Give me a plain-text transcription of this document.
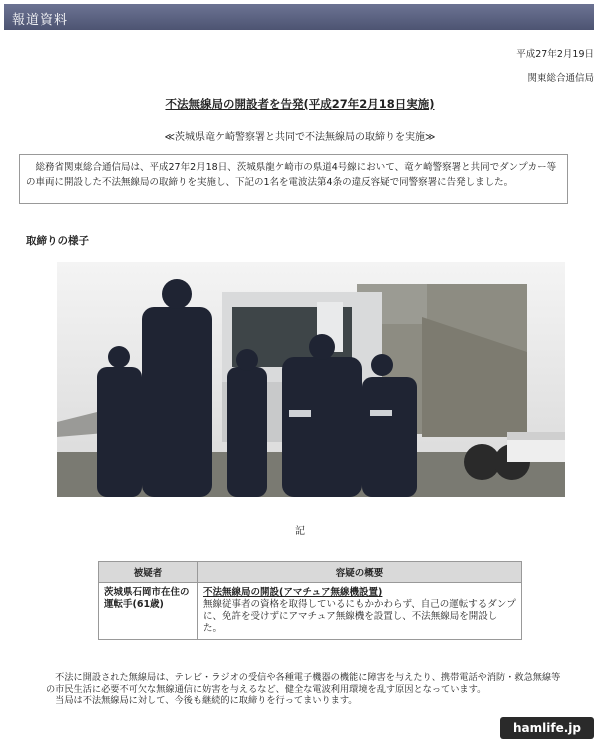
報道資料
平成27年2月19日
関東総合通信局
不法無線局の開設者を告発(平成27年2月18日実施)
≪茨城県竜ケ崎警察署と共同で不法無線局の取締りを実施≫
　総務省関東総合通信局は、平成27年2月18日、茨城県龍ケ崎市の県道4号線において、竜ケ崎警察署と共同でダンプカー等の車両に開設した不法無線局の取締りを実施し、下記の1名を電波法第4条の違反容疑で同警察署に告発しました。
取締りの様子
記
被疑者	容疑の概要
茨城県石岡市在住の運転手(61歳)	不法無線局の開設(アマチュア無線機設置)
無線従事者の資格を取得しているにもかかわらず、自己の運転するダンプに、免許を受けずにアマチュア無線機を設置し、不法無線局を開設した。
　不法に開設された無線局は、テレビ・ラジオの受信や各種電子機器の機能に障害を与えたり、携帯電話や消防・救急無線等の市民生活に必要不可欠な無線通信に妨害を与えるなど、健全な電波利用環境を乱す原因となっています。
　当局は不法無線局に対して、今後も継続的に取締りを行ってまいります。
hamlife.jp
